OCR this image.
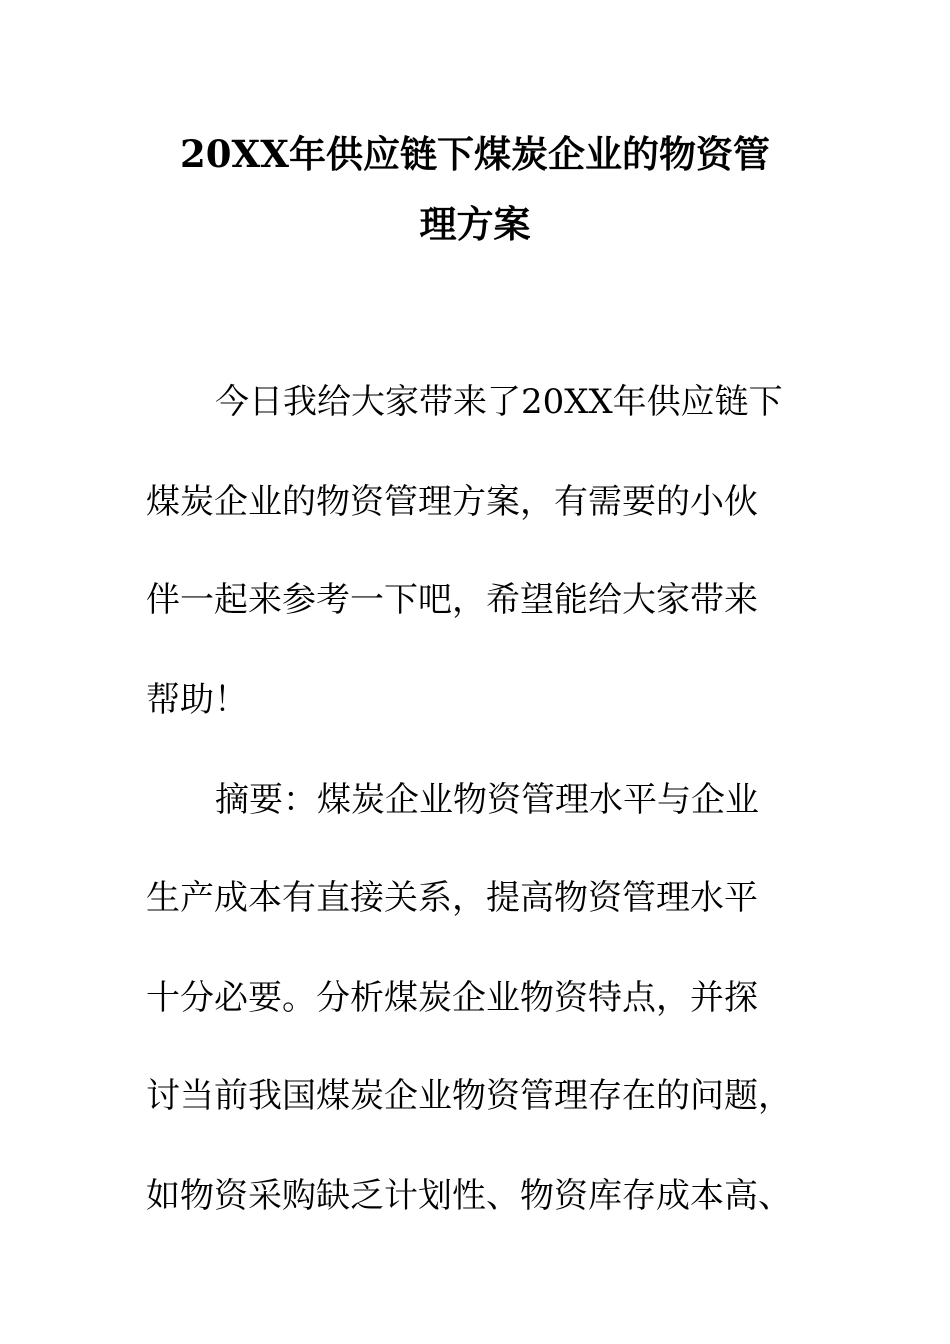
20XX年供应链下煤炭企业的物资管
理方案

今日我给大家带来了20XX年供应链下

煤炭企业的物资管理方案，有需要的小伙

伴一起来参考一下吧，希望能给大家带来

帮助！

摘要：煤炭企业物资管理水平与企业

生产成本有直接关系，提高物资管理水平

十分必要。分析煤炭企业物资特点，并探

讨当前我国煤炭企业物资管理存在的问题，

如物资采购缺乏计划性、物资库存成本高、
